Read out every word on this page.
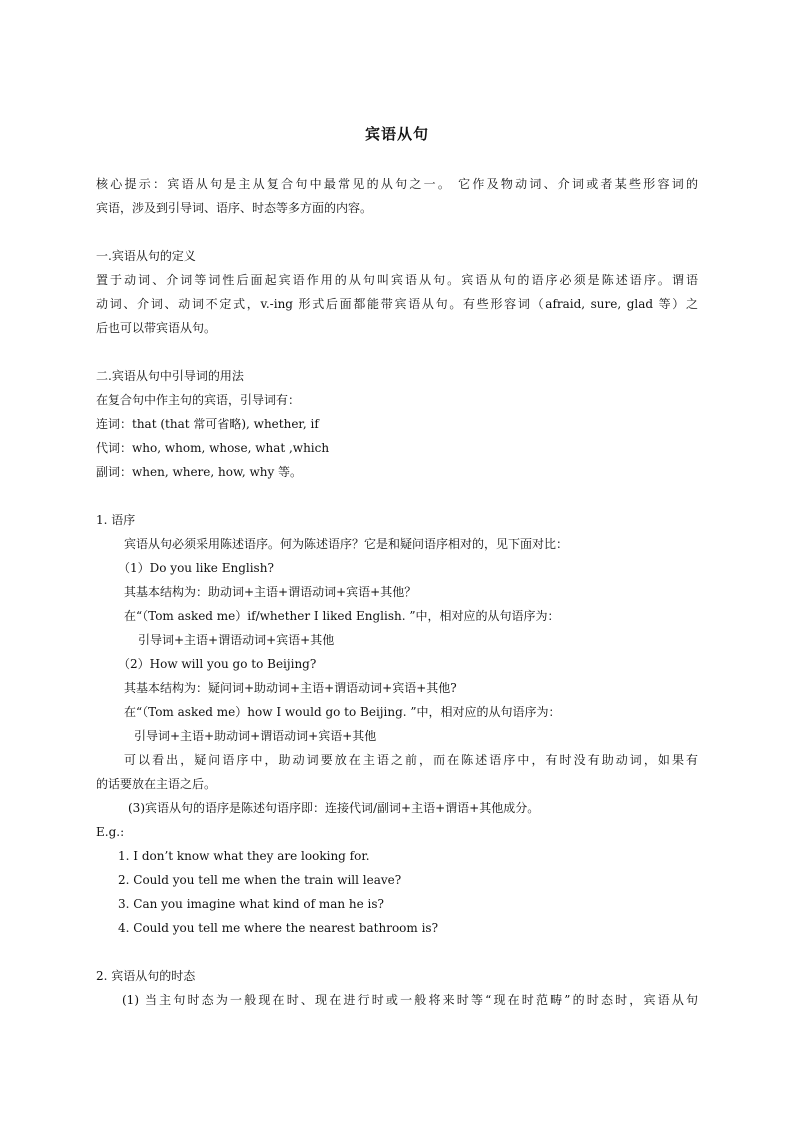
宾语从句
核心提示：宾语从句是主从复合句中最常见的从句之一。 它作及物动词、介词或者某些形容词的
宾语，涉及到引导词、语序、时态等多方面的内容。
一.宾语从句的定义
置于动词、介词等词性后面起宾语作用的从句叫宾语从句。宾语从句的语序必须是陈述语序。谓语
动词、介词、动词不定式，v.-ing 形式后面都能带宾语从句。有些形容词（afraid, sure, glad 等）之
后也可以带宾语从句。
二.宾语从句中引导词的用法
在复合句中作主句的宾语，引导词有：
连词：that (that 常可省略), whether, if
代词：who, whom, whose, what ,which
副词：when, where, how, why 等。
1. 语序
宾语从句必须采用陈述语序。何为陈述语序？它是和疑问语序相对的，见下面对比：
（1）Do you like English?
其基本结构为：助动词+主语+谓语动词+宾语+其他？
在“（Tom asked me）if/whether I liked English. ”中，相对应的从句语序为：
引导词+主语+谓语动词+宾语+其他
（2）How will you go to Beijing?
其基本结构为：疑问词+助动词+主语+谓语动词+宾语+其他?
在“（Tom asked me）how I would go to Beijing. ”中，相对应的从句语序为：
引导词+主语+助动词+谓语动词+宾语+其他
可以看出，疑问语序中，助动词要放在主语之前，而在陈述语序中，有时没有助动词，如果有
的话要放在主语之后。
(3)宾语从句的语序是陈述句语序即：连接代词/副词+主语+谓语+其他成分。
E.g.:
1. I don’t know what they are looking for.
2. Could you tell me when the train will leave?
3. Can you imagine what kind of man he is?
4. Could you tell me where the nearest bathroom is?
2. 宾语从句的时态
(1) 当主句时态为一般现在时、现在进行时或一般将来时等“现在时范畴”的时态时，宾语从句
